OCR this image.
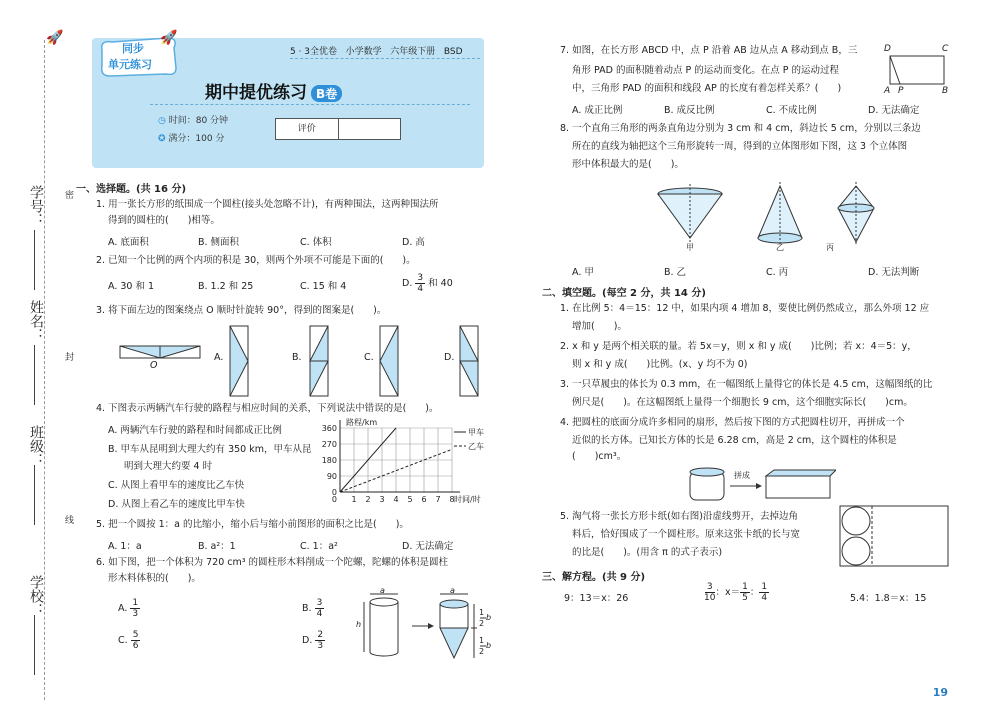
🚀
学号：
姓名：
班级：
学校：
密
封
线
同步
单元练习
🚀
5 · 3全优卷 小学数学 六年级下册 BSD
期中提优练习 B卷
◷ 时间：80 分钟
✪ 满分：100 分
评价
一、选择题。(共 16 分)
1. 用一张长方形的纸围成一个圆柱(接头处忽略不计)，有两种围法，这两种围法所
得到的圆柱的(　　)相等。
A. 底面积	B. 侧面积	C. 体积	D. 高
2. 已知一个比例的两个内项的积是 30，则两个外项不可能是下面的(　　)。
A. 30 和 1	B. 1.2 和 25	C. 15 和 4	D. $\frac{3}{4}$ 和 40
3. 将下面左边的图案绕点 O 顺时针旋转 90°，得到的图案是(　　)。
O
A.	B.	C.	D.
4. 下图表示两辆汽车行驶的路程与相应时间的关系，下列说法中错误的是(　　)。
A. 两辆汽车行驶的路程和时间都成正比例
B. 甲车从昆明到大理大约有 350 km，甲车从昆
明到大理大约要 4 时
C. 从图上看甲车的速度比乙车快
D. 从图上看乙车的速度比甲车快
0
90
180
270
360
1 2 3 4 5 6 7 8
0
路程/km
时间/时
甲车
乙车
5. 把一个圆按 1：a 的比缩小，缩小后与缩小前图形的面积之比是(　　)。
A. 1：a	B. a²：1	C. 1：a²	D. 无法确定
6. 如下图，把一个体积为 720 cm³ 的圆柱形木料削成一个陀螺，陀螺的体积是圆柱
形木料体积的(　　)。
A. $\frac{1}{3}$	B. $\frac{3}{4}$
C. $\frac{5}{6}$	D. $\frac{2}{3}$
a
h
a
1
2
b
1
2
b
7. 如图，在长方形 ABCD 中，点 P 沿着 AB 边从点 A 移动到点 B，三
角形 PAD 的面积随着动点 P 的运动而变化。在点 P 的运动过程
中，三角形 PAD 的面积和线段 AP 的长度有着怎样关系？(　　)
A. 成正比例	B. 成反比例	C. 不成比例	D. 无法确定
D	C
A P	B
8. 一个直角三角形的两条直角边分别为 3 cm 和 4 cm，斜边长 5 cm，分别以三条边
所在的直线为轴把这个三角形旋转一周，得到的立体图形如下图，这 3 个立体图
形中体积最大的是(　　)。
甲	乙	丙
A. 甲	B. 乙	C. 丙	D. 无法判断
二、填空题。(每空 2 分，共 14 分)
1. 在比例 5：4＝15：12 中，如果内项 4 增加 8，要使比例仍然成立，那么外项 12 应
增加(　　)。
2. x 和 y 是两个相关联的量。若 5x＝y，则 x 和 y 成(　　)比例；若 x：4＝5：y，
则 x 和 y 成(　　)比例。(x、y 均不为 0)
3. 一只草履虫的体长为 0.3 mm，在一幅图纸上量得它的体长是 4.5 cm，这幅图纸的比
例尺是(　　)。在这幅图纸上量得一个细胞长 9 cm，这个细胞实际长(　　)cm。
4. 把圆柱的底面分成许多相同的扇形，然后按下图的方式把圆柱切开，再拼成一个
近似的长方体。已知长方体的长是 6.28 cm，高是 2 cm，这个圆柱的体积是
(　　)cm³。
拼成
5. 淘气将一张长方形卡纸(如右图)沿虚线剪开，去掉边角
料后，恰好围成了一个圆柱形。原来这张卡纸的长与宽
的比是(　　)。(用含 π 的式子表示)
三、解方程。(共 9 分)
9：13＝x：26	$\frac{3}{10}$ ：$x= \frac{1}{5}$ ： $\frac{1}{4}$	5.4：1.8＝x：15
19
